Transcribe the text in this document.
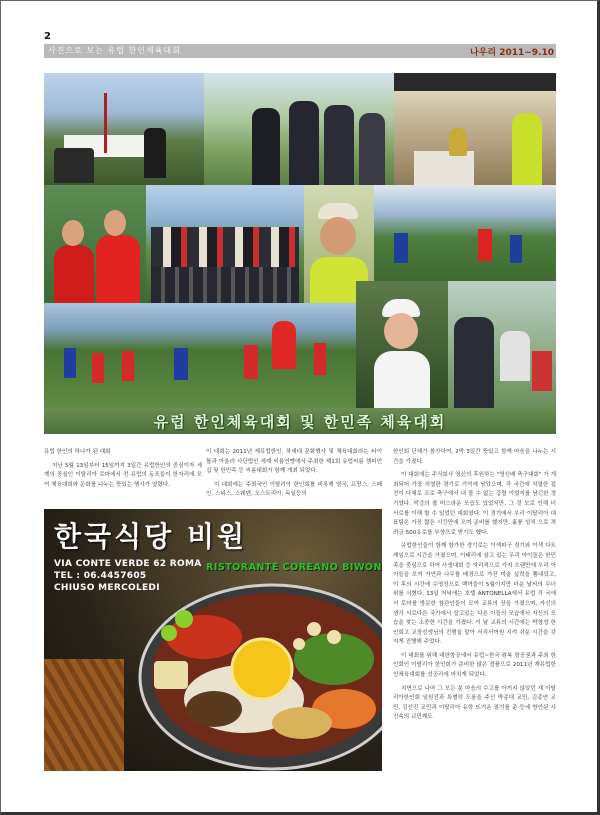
2
사진으로 보는 유럽 한인체육대회	나우리 2011~9.10
유럽 한인체육대회 및 한민족 체육대회

유럽 한인의 하나가 된 대회

지난 5월 13일부터 15일까지 3일간 유럽한인의 중심이자 세계의 중심인 이탈리아 로마에서 전 유럽의 동포들이 한자리에 모여 체육대회와 문화를 나누는 뜻있는 행사가 열렸다.

이 대회는 2011년 재유럽한인, 차세대 문화행사 및 체육대회라는 타이틀과 아울러 사단법인 세계 씨름연맹에서 주최한 제1회 유럽씨름 챔피언십 및 한민족 등 씨름대회가 함께 개최 되었다.

이 대회에는 주최국인 이탈리아 한인회를 비롯해 영국, 프랑스, 스페인, 스위스, 스웨덴, 오스트리아, 독일등의

한인회 단체가 참가하여, 2박 3일간 뜻있고 함께 마음을 나누는 시간을 가졌다.

이 대회에는 주식회사 영신의 후원하는 "영신배 축구대회" 가 개최되어 가장 치열한 경기로 기억에 남았으며, 각 국간에 치열한 접전이 다채로 프로 축구에서 내 볼 수 없는 강렬 이었지를 남긴한 경기였다. 막강의 볼 머스라운 모습도 있었지만, 그 것 모로 인해 더 서로를 이해 할 수 있었던 대회였다. 이 경기에서 우리 이탈리아 대표팀은 가장 짧은 시간만에 모여 준비를 했지만, 훌륭 성적 으로 격려금 500유로를 부상으로 받기도 했다.

유럽한인들이 함께 함가한 경기로는 이색피구 경기와 이색 다트 게임으로 시간을 가졌으며, 이태리에 살고 있는 우리 아이들은 한민족을 중심으로 하여 사생대회 등 자리적으로 가지 오랜만에 우리 아이들을 모여 자연과 나무를 배경으로 가진 미술 실력을 뽐내었고, 이 후의 시간에 수영장으로 백여들이 5월이지만 더운 날씨의 무더위를 식혔다. 13일 저녁에는 호텔 ANTONELLA에서 유럽 각 국에서 로마를 방문한 참관인들이 모여 교류의 장을 가졌으며, 자신의 생각 서로다른 국가에서 살고있는 다른 이들의 모습에서 자신의 모습을 찾는 소중한 시간을 가졌다. 이 날 교류의 시간에는 박창성 한인회고 교장선생님의 진행을 맡아 서직서여원 지켜 쉬운 시간을 갖지게 진행해 주었다.

이 대회를 위해 대한항공에서 유럽~한국 왕복 항공권과 주최 한인회인 이탈리아 한인회가 준비한 많은 경품으로 2011년 재유럽한인체육대회를 성공리에 마치게 되었다.

지면으로 나마 그 모든 분 마음의 수고를 아끼지 않았던 재 이탈리아한인회 임원진과 특별히 도움을 주신 박종대 교민, 김종연 교민, 김선진 교민과 이탈리아 유학 뜨거운 열기를 준 등에 방안된 사진속의 교민께도

한국식당 비원
VIA CONTE VERDE 62 ROMA
TEL : 06.4457605
CHIUSO MERCOLEDI
RISTORANTE COREANO BIWON
